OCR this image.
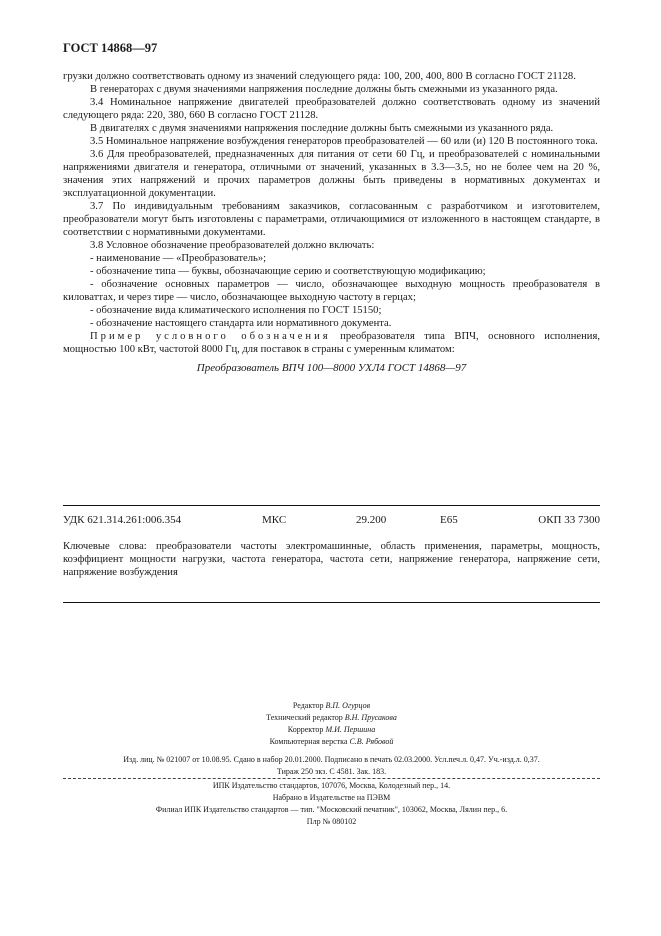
ГОСТ 14868—97

грузки должно соответствовать одному из значений следующего ряда: 100, 200, 400, 800 В согласно ГОСТ 21128.

В генераторах с двумя значениями напряжения последние должны быть смежными из указанного ряда.

3.4 Номинальное напряжение двигателей преобразователей должно соответствовать одному из значений следующего ряда: 220, 380, 660 В согласно ГОСТ 21128.

В двигателях с двумя значениями напряжения последние должны быть смежными из указанного ряда.

3.5 Номинальное напряжение возбуждения генераторов преобразователей — 60 или (и) 120 В постоянного тока.

3.6 Для преобразователей, предназначенных для питания от сети 60 Гц, и преобразователей с номинальными напряжениями двигателя и генератора, отличными от значений, указанных в 3.3—3.5, но не более чем на 20 %, значения этих напряжений и прочих параметров должны быть приведены в нормативных документах и эксплуатационной документации.

3.7 По индивидуальным требованиям заказчиков, согласованным с разработчиком и изготовителем, преобразователи могут быть изготовлены с параметрами, отличающимися от изложенного в настоящем стандарте, в соответствии с нормативными документами.

3.8 Условное обозначение преобразователей должно включать:

- наименование — «Преобразователь»;

- обозначение типа — буквы, обозначающие серию и соответствующую модификацию;

- обозначение основных параметров — число, обозначающее выходную мощность преобразователя в киловаттах, и через тире — число, обозначающее выходную частоту в герцах;

- обозначение вида климатического исполнения по ГОСТ 15150;

- обозначение настоящего стандарта или нормативного документа.

Пример условного обозначения преобразователя типа ВПЧ, основного исполнения, мощностью 100 кВт, частотой 8000 Гц, для поставок в страны с умеренным климатом:

Преобразователь ВПЧ 100—8000 УХЛ4 ГОСТ 14868—97

УДК 621.314.261:006.354	МКС	29.200	Е65	ОКП 33 7300
Ключевые слова: преобразователи частоты электромашинные, область применения, параметры, мощность, коэффициент мощности нагрузки, частота генератора, частота сети, напряжение генератора, напряжение сети, напряжение возбуждения
Редактор В.П. Огурцов
Технический редактор В.Н. Прусакова
Корректор М.И. Першина
Компьютерная верстка С.В. Рябовой
Изд. лиц. № 021007 от 10.08.95. Сдано в набор 20.01.2000. Подписано в печать 02.03.2000. Усл.печ.л. 0,47. Уч.-изд.л. 0,37.
Тираж 250 экз. С 4581. Зак. 183.
ИПК Издательство стандартов, 107076, Москва, Колодезный пер., 14.
Набрано в Издательстве на ПЭВМ
Филиал ИПК Издательство стандартов — тип. "Московский печатник", 103062, Москва, Лялин пер., 6.
Плр № 080102
